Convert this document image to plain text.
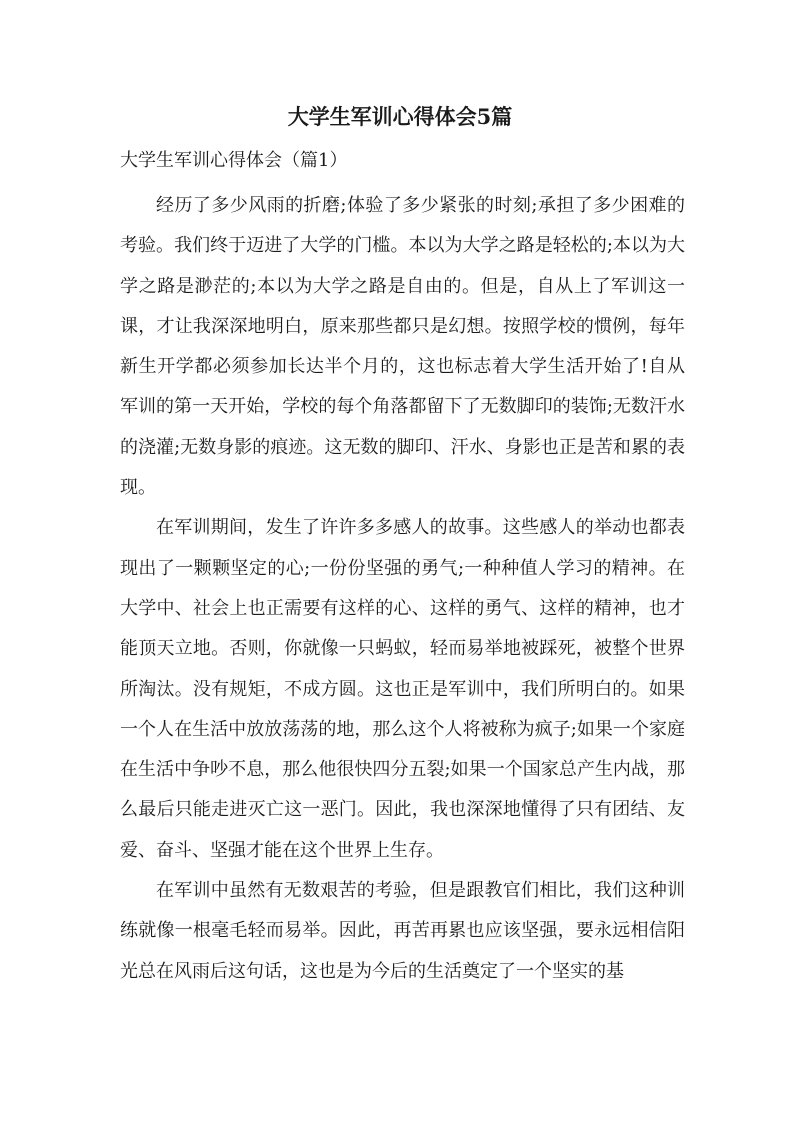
大学生军训心得体会5篇

大学生军训心得体会（篇1）

经历了多少风雨的折磨;体验了多少紧张的时刻;承担了多少困难的考验。我们终于迈进了大学的门槛。本以为大学之路是轻松的;本以为大学之路是渺茫的;本以为大学之路是自由的。但是，自从上了军训这一课，才让我深深地明白，原来那些都只是幻想。按照学校的惯例，每年新生开学都必须参加长达半个月的，这也标志着大学生活开始了!自从军训的第一天开始，学校的每个角落都留下了无数脚印的装饰;无数汗水的浇灌;无数身影的痕迹。这无数的脚印、汗水、身影也正是苦和累的表现。

在军训期间，发生了许许多多感人的故事。这些感人的举动也都表现出了一颗颗坚定的心;一份份坚强的勇气;一种种值人学习的精神。在大学中、社会上也正需要有这样的心、这样的勇气、这样的精神，也才能顶天立地。否则，你就像一只蚂蚁，轻而易举地被踩死，被整个世界所淘汰。没有规矩，不成方圆。这也正是军训中，我们所明白的。如果一个人在生活中放放荡荡的地，那么这个人将被称为疯子;如果一个家庭在生活中争吵不息，那么他很快四分五裂;如果一个国家总产生内战，那么最后只能走进灭亡这一恶门。因此，我也深深地懂得了只有团结、友爱、奋斗、坚强才能在这个世界上生存。

在军训中虽然有无数艰苦的考验，但是跟教官们相比，我们这种训练就像一根毫毛轻而易举。因此，再苦再累也应该坚强，要永远相信阳光总在风雨后这句话，这也是为今后的生活奠定了一个坚实的基
